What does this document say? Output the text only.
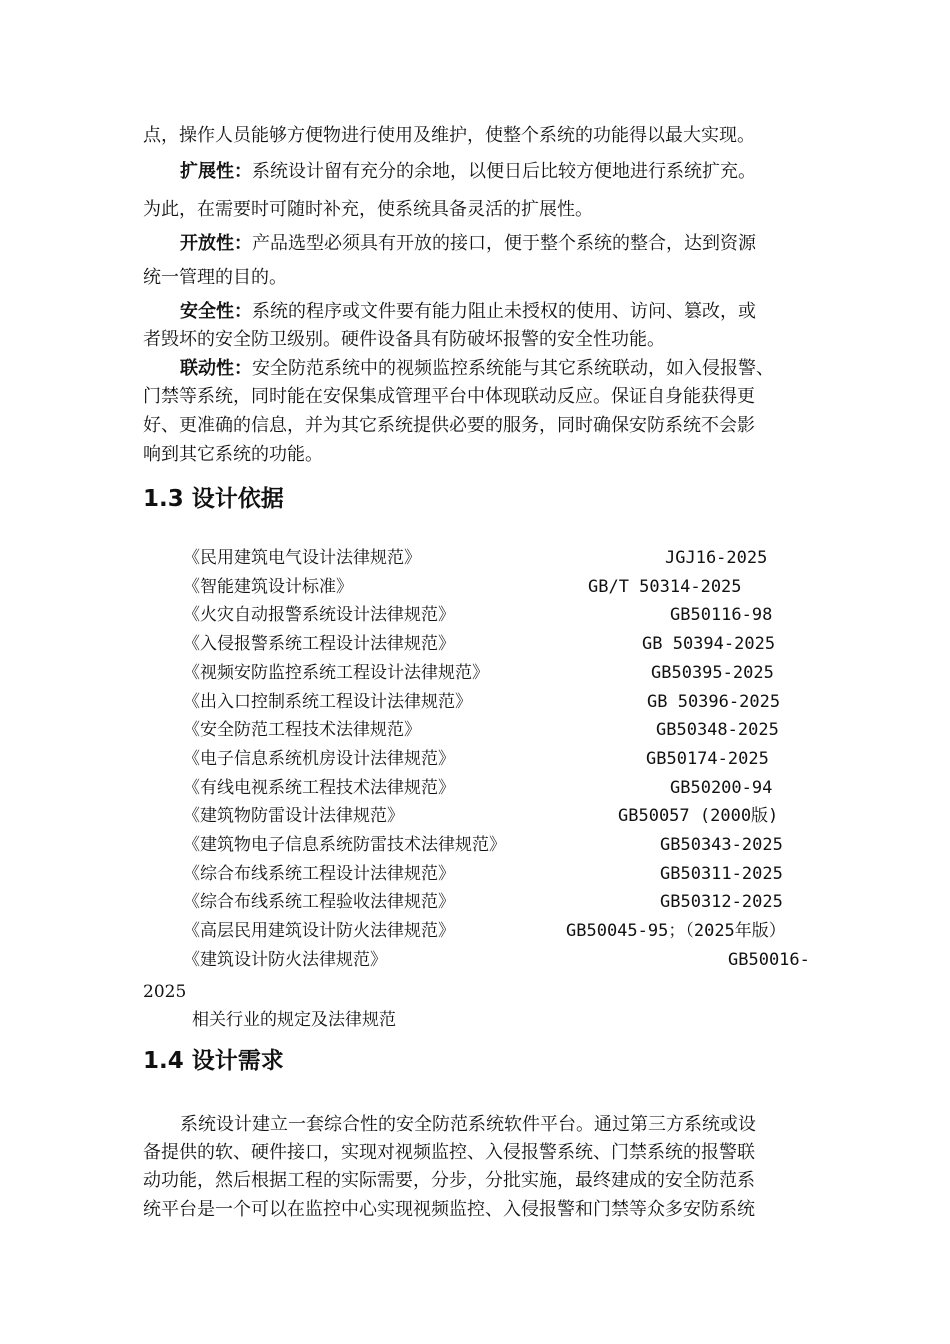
点，操作人员能够方便物进行使用及维护，使整个系统的功能得以最大实现。
扩展性：系统设计留有充分的余地，以便日后比较方便地进行系统扩充。
为此，在需要时可随时补充，使系统具备灵活的扩展性。
开放性：产品选型必须具有开放的接口，便于整个系统的整合，达到资源
统一管理的目的。
安全性：系统的程序或文件要有能力阻止未授权的使用、访问、篡改，或
者毁坏的安全防卫级别。硬件设备具有防破坏报警的安全性功能。
联动性：安全防范系统中的视频监控系统能与其它系统联动，如入侵报警、
门禁等系统，同时能在安保集成管理平台中体现联动反应。保证自身能获得更
好、更准确的信息，并为其它系统提供必要的服务，同时确保安防系统不会影
响到其它系统的功能。
1.3 设计依据
《民用建筑电气设计法律规范》	JGJ16-2025
《智能建筑设计标准》	GB/T 50314-2025
《火灾自动报警系统设计法律规范》	GB50116-98
《入侵报警系统工程设计法律规范》	GB 50394-2025
《视频安防监控系统工程设计法律规范》	GB50395-2025
《出入口控制系统工程设计法律规范》	GB 50396-2025
《安全防范工程技术法律规范》	GB50348-2025
《电子信息系统机房设计法律规范》	GB50174-2025
《有线电视系统工程技术法律规范》	GB50200-94
《建筑物防雷设计法律规范》	GB50057 (2000版)
《建筑物电子信息系统防雷技术法律规范》	GB50343-2025
《综合布线系统工程设计法律规范》	GB50311-2025
《综合布线系统工程验收法律规范》	GB50312-2025
《高层民用建筑设计防火法律规范》	GB50045-95；（2025年版）
《建筑设计防火法律规范》	GB50016-
2025
相关行业的规定及法律规范
1.4 设计需求
系统设计建立一套综合性的安全防范系统软件平台。通过第三方系统或设
备提供的软、硬件接口，实现对视频监控、入侵报警系统、门禁系统的报警联
动功能，然后根据工程的实际需要，分步，分批实施，最终建成的安全防范系
统平台是一个可以在监控中心实现视频监控、入侵报警和门禁等众多安防系统
